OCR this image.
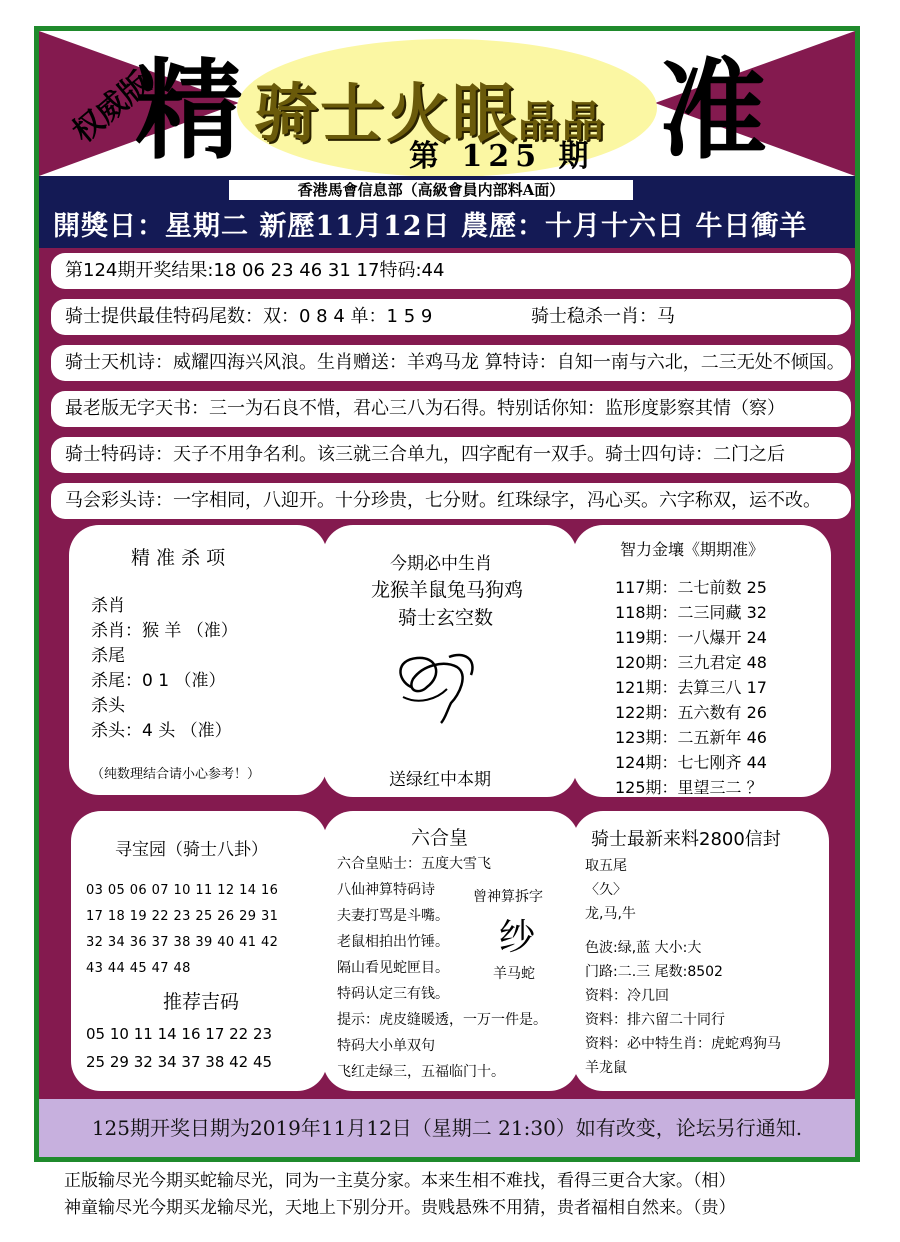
权威版
精	准
骑士火眼晶晶
第 125 期
香港馬會信息部（高級會員内部料A面）
開獎日：星期二 新歷11月12日 農歷：十月十六日 牛日衝羊
第124期开奖结果:18 06 23 46 31 17特码:44
骑士提供最佳特码尾数：双：0 8 4 单：1 5 9	骑士稳杀一肖：马
骑士天机诗：威耀四海兴风浪。生肖赠送：羊鸡马龙 算特诗：自知一南与六北，二三无处不倾国。
最老版无字天书：三一为石良不惜，君心三八为石得。特别话你知：监形度影察其情（察）
骑士特码诗：天子不用争名利。该三就三合单九，四字配有一双手。骑士四句诗：二门之后
马会彩头诗：一字相同，八迎开。十分珍贵，七分财。红珠绿字，冯心买。六字称双，运不改。
精 准 杀 项
杀肖
杀肖：猴 羊 （准）
杀尾
杀尾：0 1 （准）
杀头
杀头：4 头 （准）
（纯数理结合请小心参考！）
今期必中生肖
龙猴羊鼠兔马狗鸡
骑士玄空数
送绿红中本期
智力金壤《期期准》
117期：二七前数 25
118期：二三同藏 32
119期：一八爆开 24
120期：三九君定 48
121期：去算三八 17
122期：五六数有 26
123期：二五新年 46
124期：七七刚齐 44
125期：里望三二 ？
寻宝园（骑士八卦）
03 05 06 07 10 11 12 14 16
17 18 19 22 23 25 26 29 31
32 34 36 37 38 39 40 41 42
43 44 45 47 48
推荐吉码
05 10 11 14 16 17 22 23
25 29 32 34 37 38 42 45
六合皇
六合皇贴士：五度大雪飞
八仙神算特码诗
夫妻打骂是斗嘴。
老鼠相拍出竹锤。
隔山看见蛇匣目。
特码认定三有钱。
提示：虎皮缝暖透，一万一件是。
特码大小单双句
飞红走绿三，五福临门十。
曾神算拆字
纱
羊马蛇
骑士最新来料2800信封
取五尾
〈久〉
龙,马,牛
色波:绿,蓝 大小:大
门路:二.三 尾数:8502
资料：冷几回
资料：排六留二十同行
资料：必中特生肖：虎蛇鸡狗马
羊龙鼠
125期开奖日期为2019年11月12日（星期二 21:30）如有改变，论坛另行通知.
正版输尽光今期买蛇输尽光，同为一主莫分家。本来生相不难找，看得三更合大家。（相）
神童输尽光今期买龙输尽光，天地上下别分开。贵贱悬殊不用猜，贵者福相自然来。（贵）
